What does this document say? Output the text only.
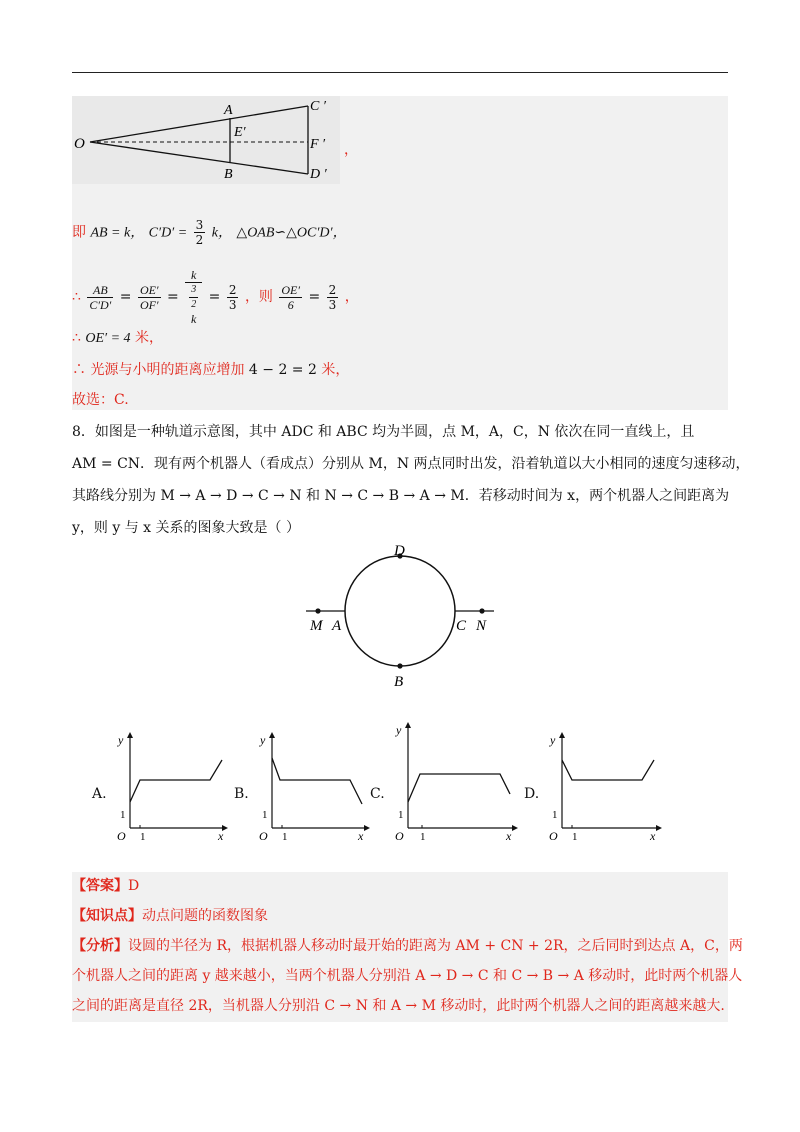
O
A
B
E′
C ′
F ′
D ′
，
即 AB = k， $C'D' = \frac{3}{2}$ k， △OAB∽△OC′D′，
∴ $\frac{AB}{C'D'} = \frac{OE'}{OF'} = k$
3
2
$k = \frac{2}{3}$ ，则 $\frac{OE'}{6} = \frac{2}{3}$ ，
∴ OE′ = 4 米，
∴ 光源与小明的距离应增加 4 − 2 = 2 米，
故选：C.
8．如图是一种轨道示意图，其中 ADC 和 ABC 均为半圆，点 M，A，C，N 依次在同一直线上，且
AM = CN．现有两个机器人（看成点）分别从 M，N 两点同时出发，沿着轨道以大小相同的速度匀速移动，
其路线分别为 M → A → D → C → N 和 N → C → B → A → M．若移动时间为 x，两个机器人之间距离为
y，则 y 与 x 关系的图象大致是（ ）
D
B
M A	C N
A.
y
x
O 1
1
B.
y
x
O 1
1
C.
y
x
O 1
1
D.
y
x
O 1
1
【答案】D
【知识点】动点问题的函数图象
【分析】设圆的半径为 R，根据机器人移动时最开始的距离为 AM + CN + 2R，之后同时到达点 A，C，两
个机器人之间的距离 y 越来越小，当两个机器人分别沿 A → D → C 和 C → B → A 移动时，此时两个机器人
之间的距离是直径 2R，当机器人分别沿 C → N 和 A → M 移动时，此时两个机器人之间的距离越来越大.
